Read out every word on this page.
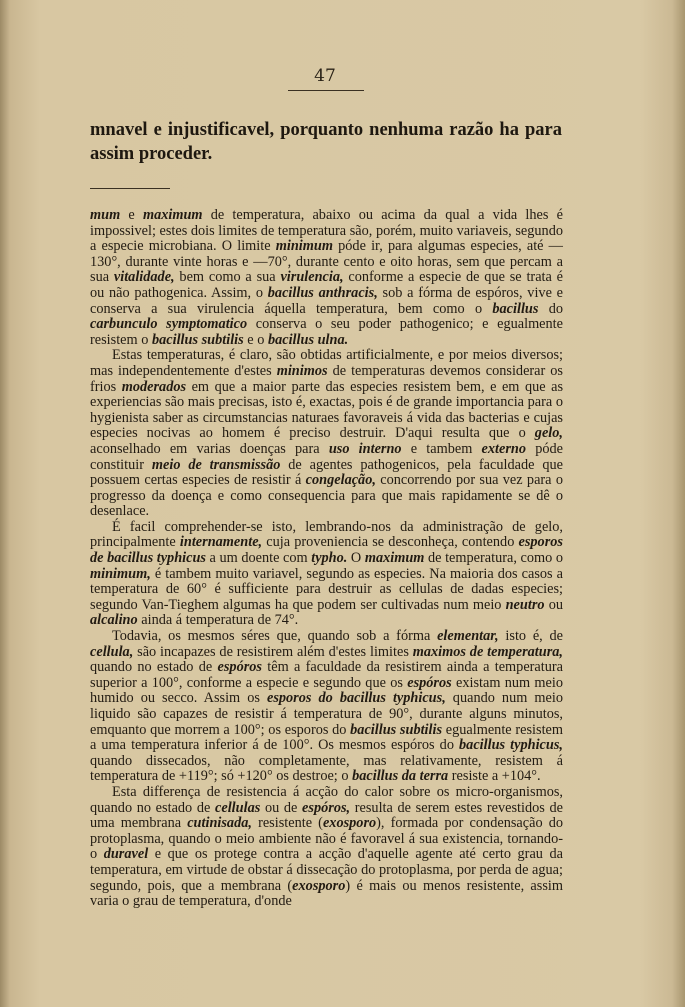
47
mnavel e injustificavel, porquanto nenhuma razão ha para assim proceder.

mum e maximum de temperatura, abaixo ou acima da qual a vida lhes é impossivel; estes dois limites de temperatura são, porém, muito variaveis, segundo a especie microbiana. O limite minimum póde ir, para algumas especies, até —130°, durante vinte horas e —70°, durante cento e oito horas, sem que percam a sua vitalidade, bem como a sua virulencia, conforme a especie de que se trata é ou não pathogenica. Assim, o bacillus anthracis, sob a fórma de espóros, vive e conserva a sua virulencia áquella temperatura, bem como o bacillus do carbunculo symptomatico conserva o seu poder pathogenico; e egualmente resistem o bacillus subtilis e o bacillus ulna.

Estas temperaturas, é claro, são obtidas artificialmente, e por meios diversos; mas independentemente d'estes minimos de temperaturas devemos considerar os frios moderados em que a maior parte das especies resistem bem, e em que as experiencias são mais precisas, isto é, exactas, pois é de grande importancia para o hygienista saber as circumstancias naturaes favoraveis á vida das bacterias e cujas especies nocivas ao homem é preciso destruir. D'aqui resulta que o gelo, aconselhado em varias doenças para uso interno e tambem externo póde constituir meio de transmissão de agentes pathogenicos, pela faculdade que possuem certas especies de resistir á congelação, concorrendo por sua vez para o progresso da doença e como consequencia para que mais rapidamente se dê o desenlace.

É facil comprehender-se isto, lembrando-nos da administração de gelo, principalmente internamente, cuja proveniencia se desconheça, contendo esporos de bacillus typhicus a um doente com typho. O maximum de temperatura, como o minimum, é tambem muito variavel, segundo as especies. Na maioria dos casos a temperatura de 60° é sufficiente para destruir as cellulas de dadas especies; segundo Van-Tieghem algumas ha que podem ser cultivadas num meio neutro ou alcalino ainda á temperatura de 74°.

Todavia, os mesmos séres que, quando sob a fórma elementar, isto é, de cellula, são incapazes de resistirem além d'estes limites maximos de temperatura, quando no estado de espóros têm a faculdade da resistirem ainda a temperatura superior a 100°, conforme a especie e segundo que os espóros existam num meio humido ou secco. Assim os esporos do bacillus typhicus, quando num meio liquido são capazes de resistir á temperatura de 90°, durante alguns minutos, emquanto que morrem a 100°; os esporos do bacillus subtilis egualmente resistem a uma temperatura inferior á de 100°. Os mesmos espóros do bacillus typhicus, quando dissecados, não completamente, mas relativamente, resistem á temperatura de +119°; só +120° os destroe; o bacillus da terra resiste a +104°.

Esta differença de resistencia á acção do calor sobre os micro-organismos, quando no estado de cellulas ou de espóros, resulta de serem estes revestidos de uma membrana cutinisada, resistente (exosporo), formada por condensação do protoplasma, quando o meio ambiente não é favoravel á sua existencia, tornando-o duravel e que os protege contra a acção d'aquelle agente até certo grau da temperatura, em virtude de obstar á dissecação do protoplasma, por perda de agua; segundo, pois, que a membrana (exosporo) é mais ou menos resistente, assim varia o grau de temperatura, d'onde
